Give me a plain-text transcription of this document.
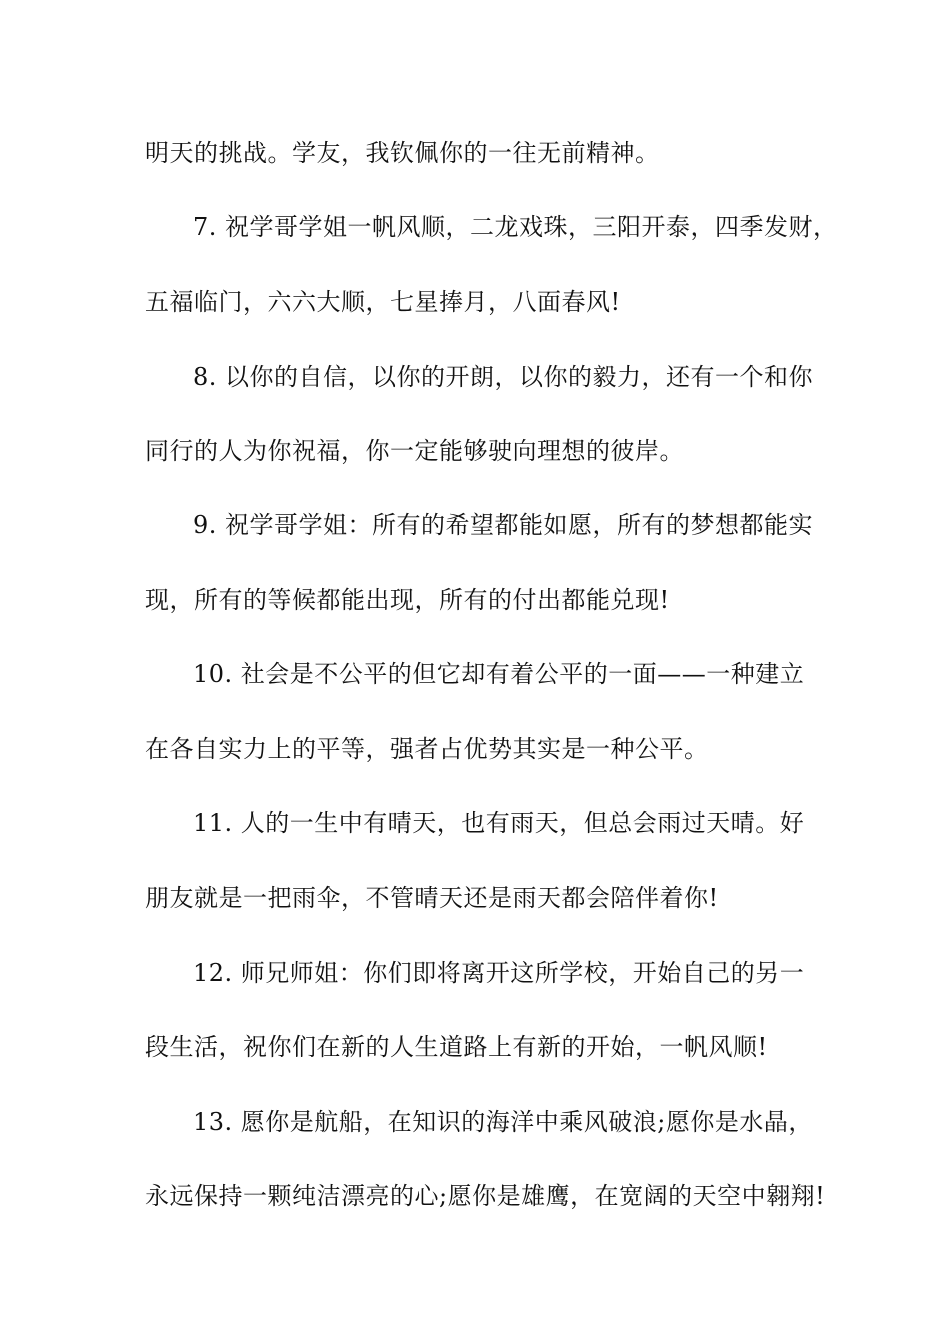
明天的挑战。学友，我钦佩你的一往无前精神。
7. 祝学哥学姐一帆风顺，二龙戏珠，三阳开泰，四季发财，
五福临门，六六大顺，七星捧月，八面春风!
8. 以你的自信，以你的开朗，以你的毅力，还有一个和你
同行的人为你祝福，你一定能够驶向理想的彼岸。
9. 祝学哥学姐：所有的希望都能如愿，所有的梦想都能实
现，所有的等候都能出现，所有的付出都能兑现!
10. 社会是不公平的但它却有着公平的一面——一种建立
在各自实力上的平等，强者占优势其实是一种公平。
11. 人的一生中有晴天，也有雨天，但总会雨过天晴。好
朋友就是一把雨伞，不管晴天还是雨天都会陪伴着你!
12. 师兄师姐：你们即将离开这所学校，开始自己的另一
段生活，祝你们在新的人生道路上有新的开始，一帆风顺!
13. 愿你是航船，在知识的海洋中乘风破浪;愿你是水晶，
永远保持一颗纯洁漂亮的心;愿你是雄鹰，在宽阔的天空中翱翔!
